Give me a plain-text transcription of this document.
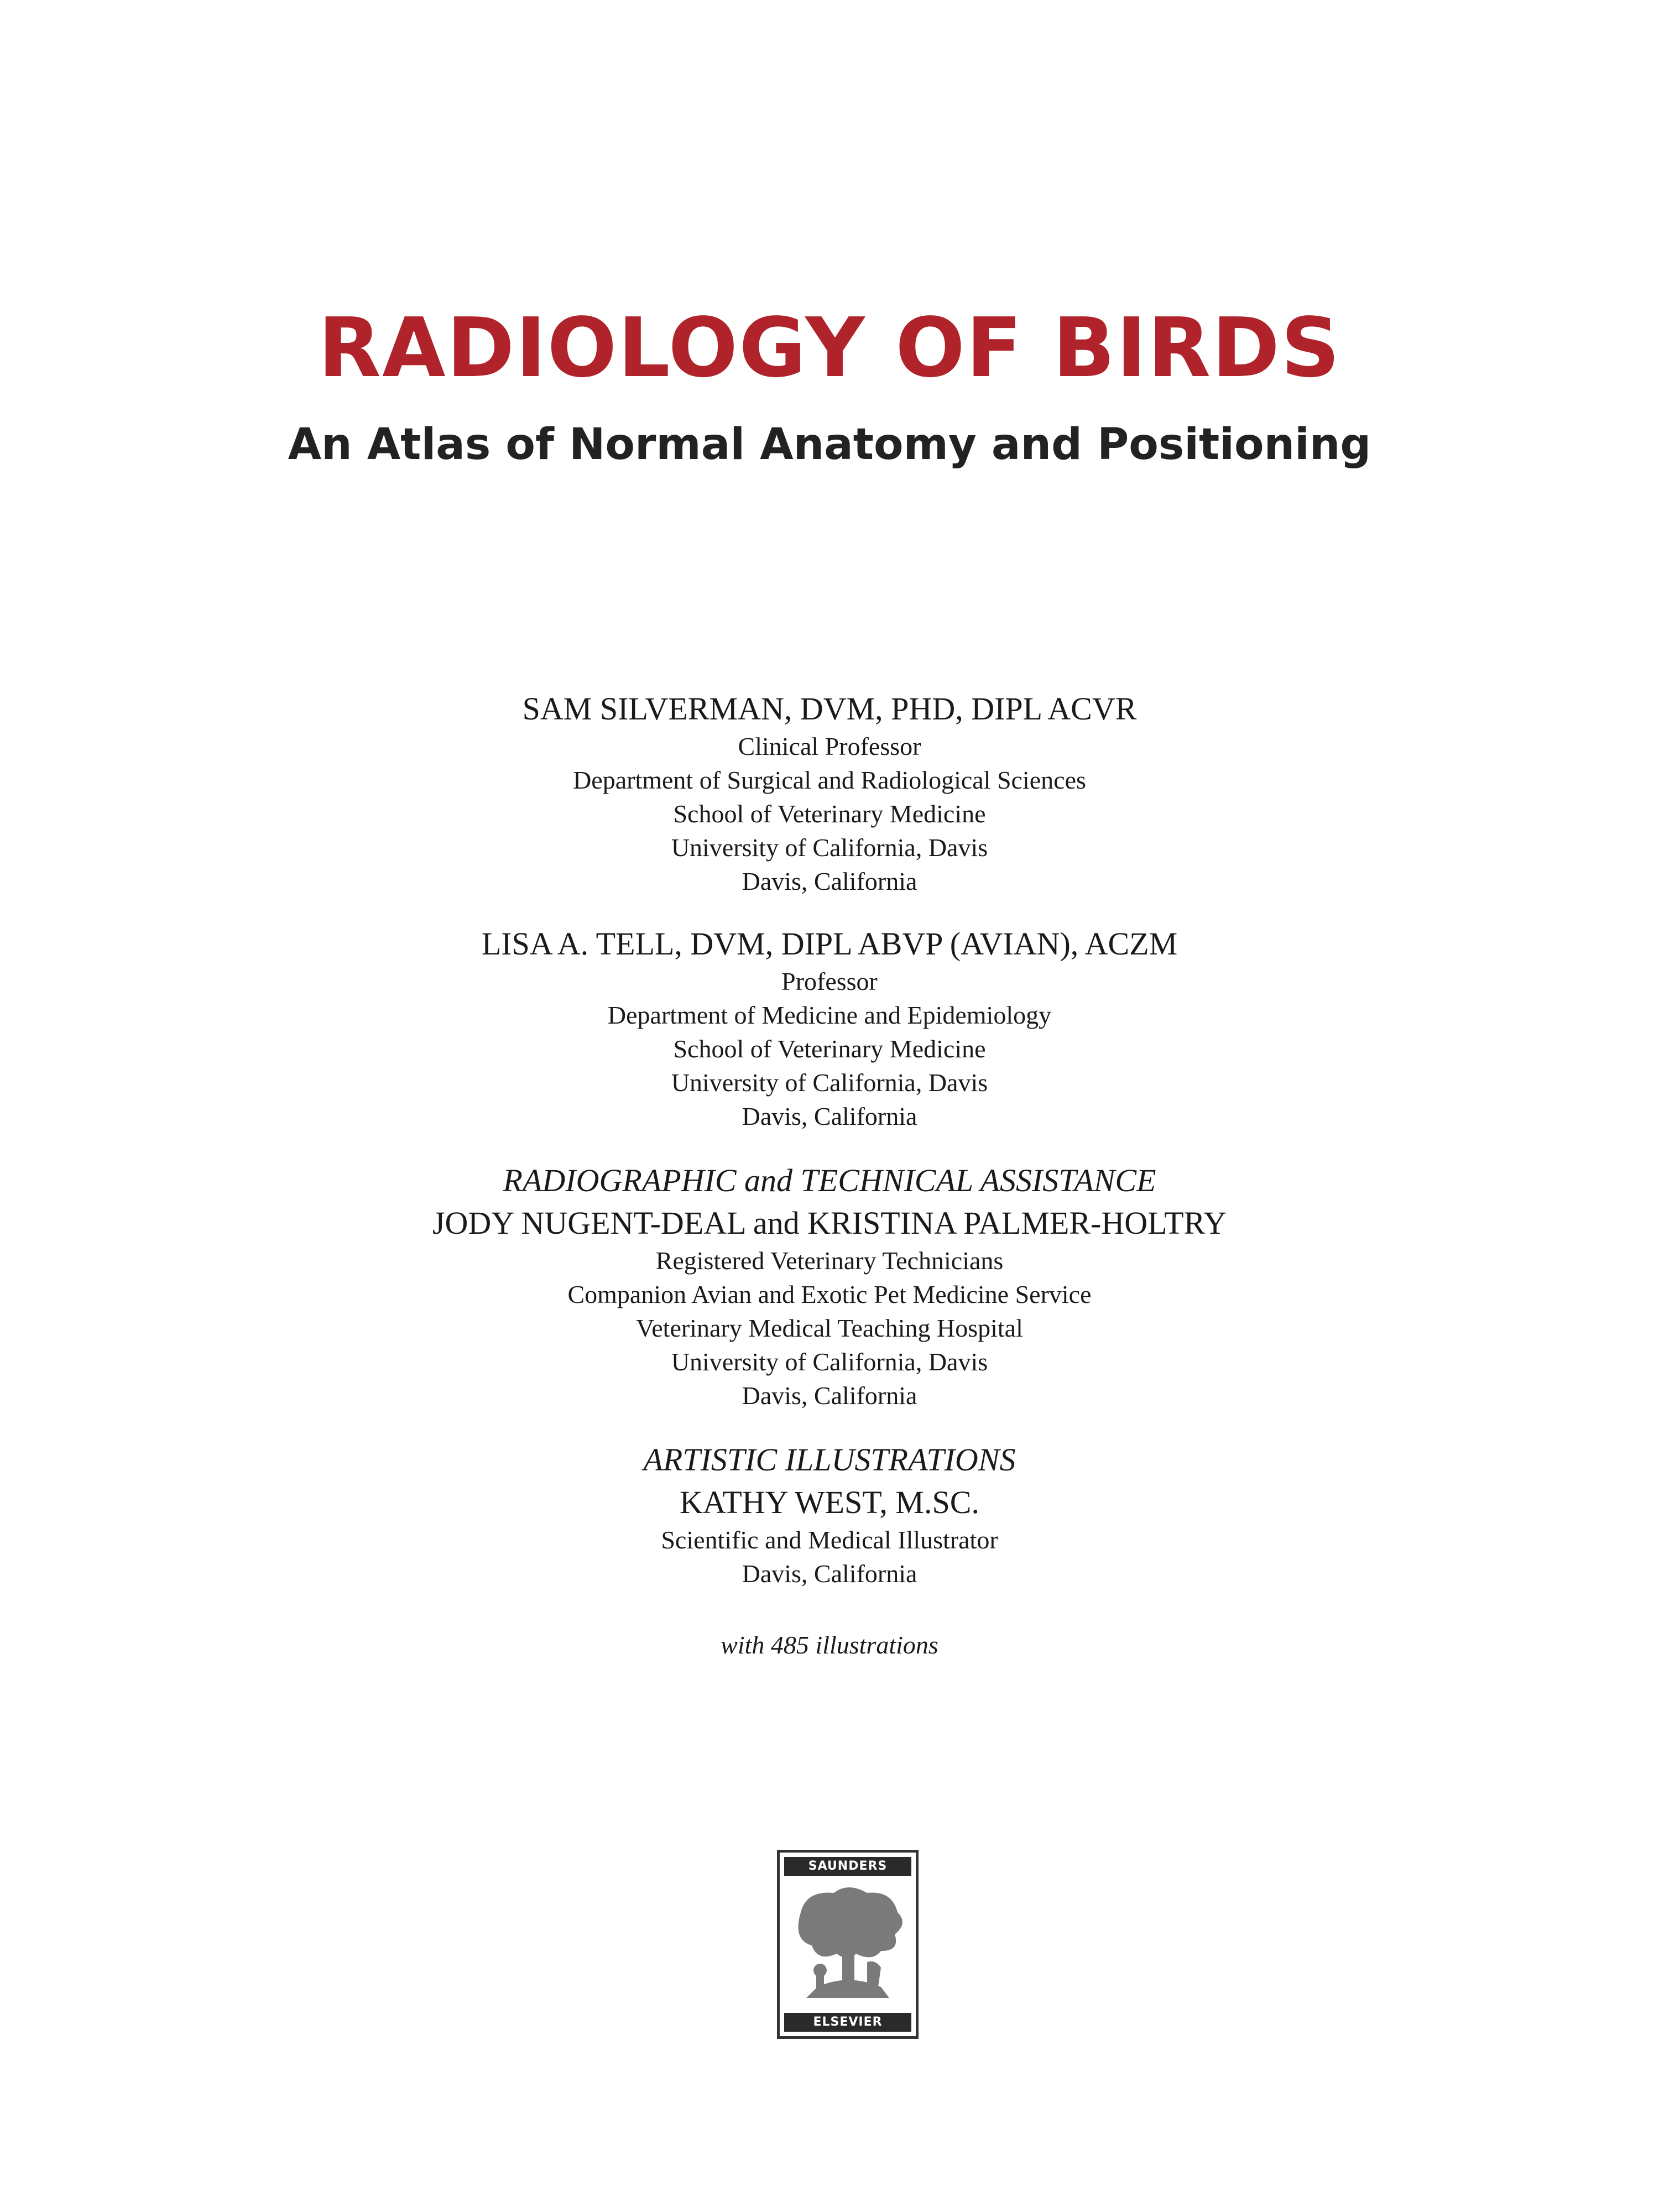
RADIOLOGY OF BIRDS
An Atlas of Normal Anatomy and Positioning
SAM SILVERMAN, DVM, PHD, DIPL ACVR
Clinical Professor
Department of Surgical and Radiological Sciences
School of Veterinary Medicine
University of California, Davis
Davis, California
LISA A. TELL, DVM, DIPL ABVP (AVIAN), ACZM
Professor
Department of Medicine and Epidemiology
School of Veterinary Medicine
University of California, Davis
Davis, California
RADIOGRAPHIC and TECHNICAL ASSISTANCE
JODY NUGENT-DEAL and KRISTINA PALMER-HOLTRY
Registered Veterinary Technicians
Companion Avian and Exotic Pet Medicine Service
Veterinary Medical Teaching Hospital
University of California, Davis
Davis, California
ARTISTIC ILLUSTRATIONS
KATHY WEST, M.SC.
Scientific and Medical Illustrator
Davis, California
with 485 illustrations
SAUNDERS
ELSEVIER
